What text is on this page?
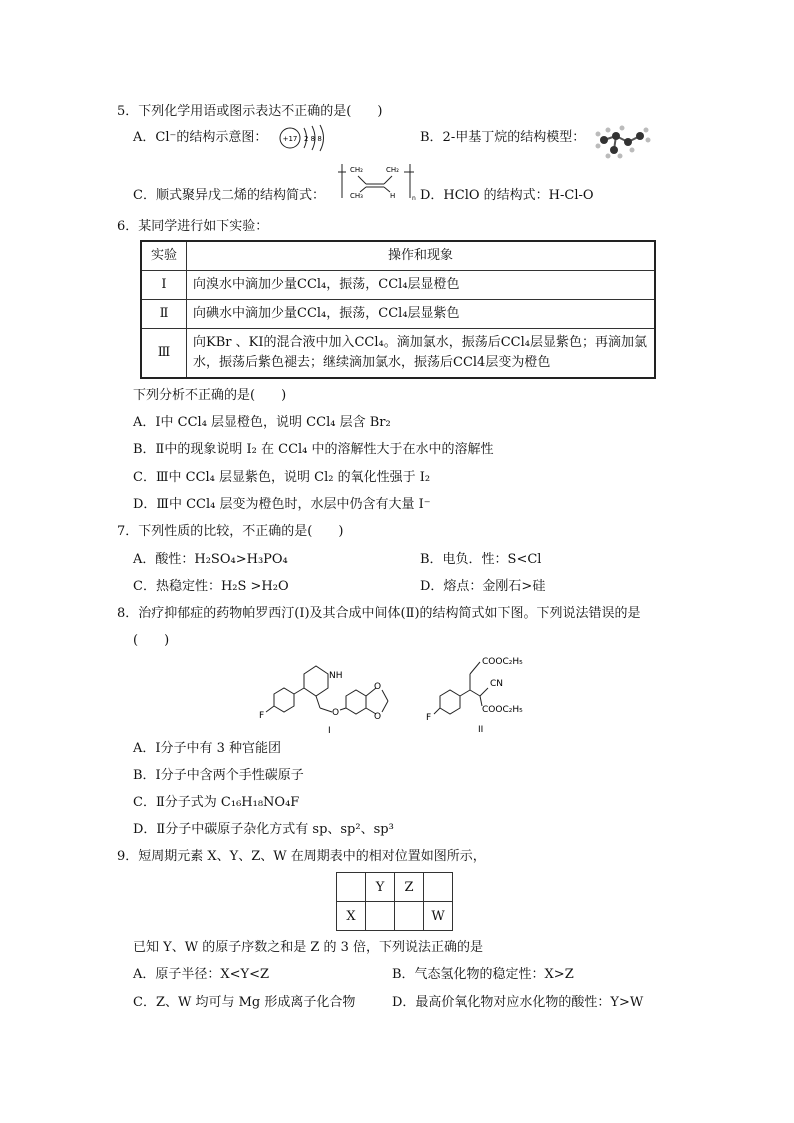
5．下列化学用语或图示表达不正确的是(　　)
A．Cl⁻的结构示意图： +17 2 8 8	B．2-甲基丁烷的结构模型：
C．顺式聚异戊二烯的结构简式：
CH₂	CH₂
CH₃	H	n D．HClO 的结构式：H-Cl-O
6．某同学进行如下实验：
实验	操作和现象
Ⅰ	向溴水中滴加少量CCl₄，振荡，CCl₄层显橙色
Ⅱ	向碘水中滴加少量CCl₄，振荡，CCl₄层显紫色
Ⅲ	向KBr 、KI的混合液中加入CCl₄。滴加氯水，振荡后CCl₄层显紫色；再滴加氯水，振荡后紫色褪去；继续滴加氯水，振荡后CCl4层变为橙色
下列分析不正确的是(　　)
A．Ⅰ中 CCl₄ 层显橙色，说明 CCl₄ 层含 Br₂
B．Ⅱ中的现象说明 I₂ 在 CCl₄ 中的溶解性大于在水中的溶解性
C．Ⅲ中 CCl₄ 层显紫色，说明 Cl₂ 的氧化性强于 I₂
D．Ⅲ中 CCl₄ 层变为橙色时，水层中仍含有大量 I⁻
7．下列性质的比较，不正确的是(　　)
A．酸性：H₂SO₄>H₃PO₄	B．电负．性：S<Cl
C．热稳定性：H₂S >H₂O	D．熔点：金刚石>硅
8．治疗抑郁症的药物帕罗西汀(Ⅰ)及其合成中间体(Ⅱ)的结构简式如下图。下列说法错误的是
(　　)
F
NH
O
O
O
I
F
COOC₂H₅
CN
COOC₂H₅
II
A．Ⅰ分子中有 3 种官能团
B．Ⅰ分子中含两个手性碳原子
C．Ⅱ分子式为 C₁₆H₁₈NO₄F
D．Ⅱ分子中碳原子杂化方式有 sp、sp²、sp³
9．短周期元素 X、Y、Z、W 在周期表中的相对位置如图所示，
	Y	Z	
X			W
已知 Y、W 的原子序数之和是 Z 的 3 倍，下列说法正确的是
A．原子半径：X<Y<Z	B．气态氢化物的稳定性：X>Z
C．Z、W 均可与 Mg 形成离子化合物	D．最高价氧化物对应水化物的酸性：Y>W
